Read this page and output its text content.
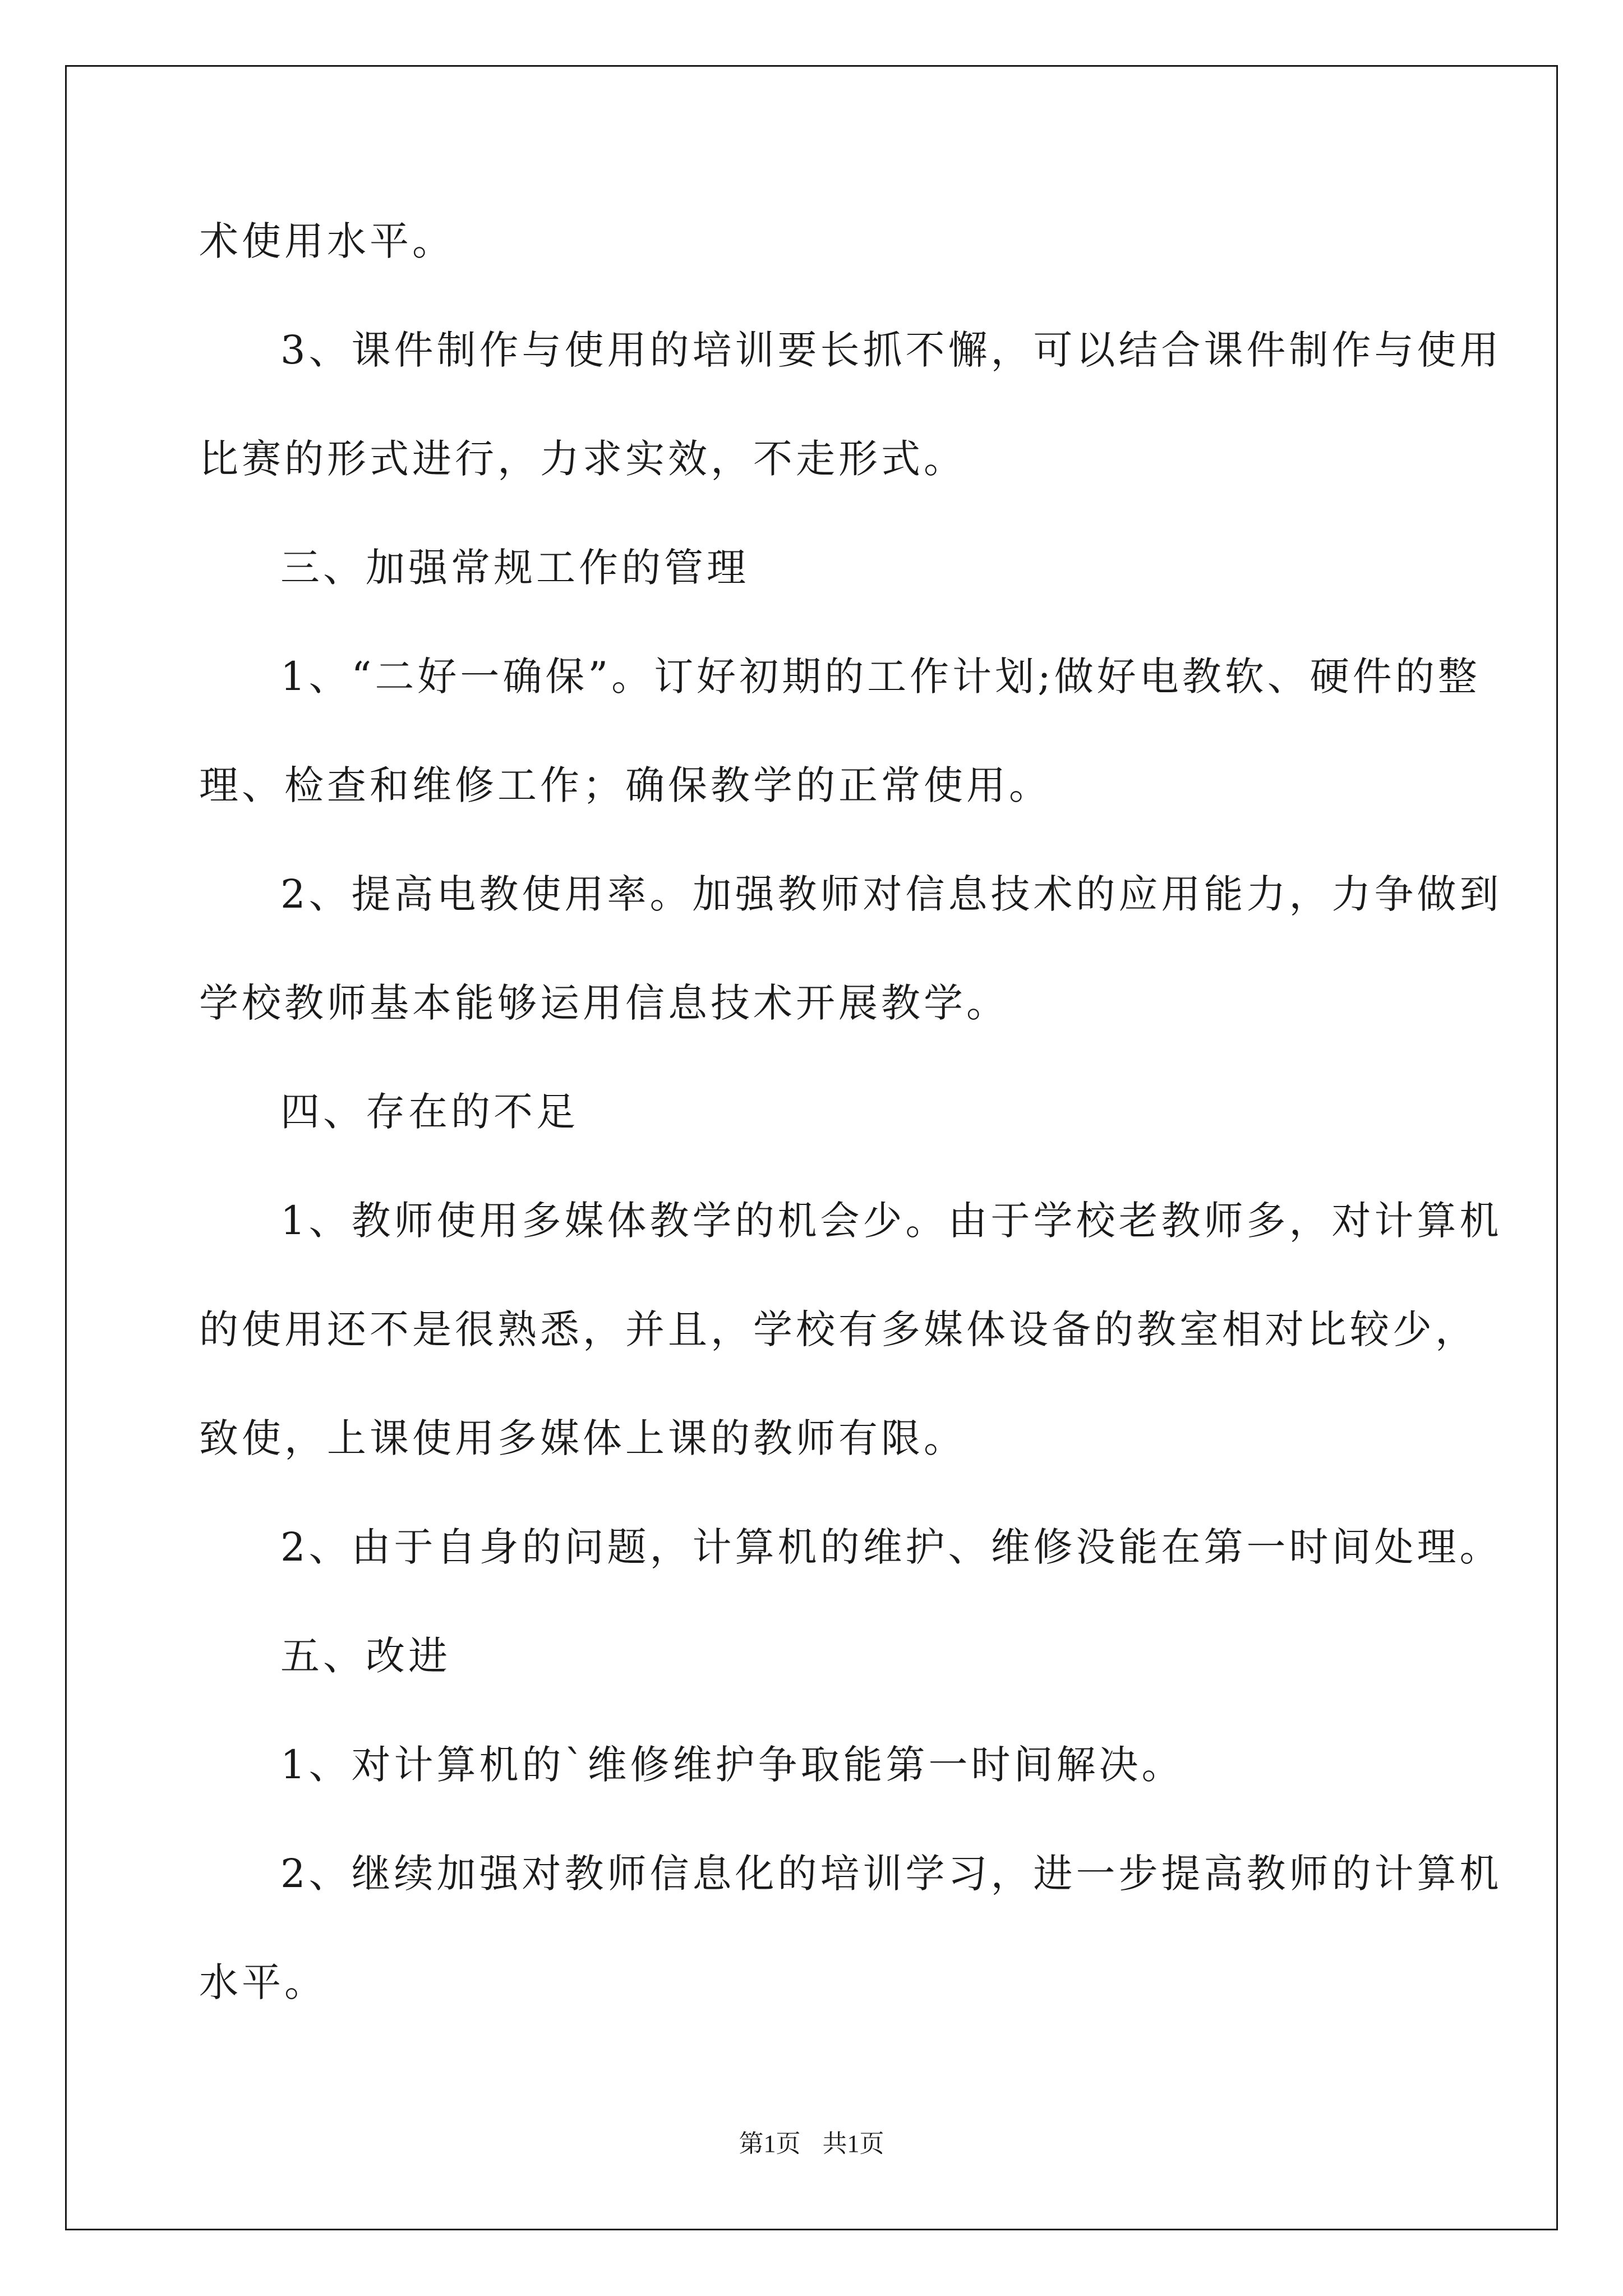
术使用水平。
3、课件制作与使用的培训要长抓不懈，可以结合课件制作与使用
比赛的形式进行，力求实效，不走形式。
三、加强常规工作的管理
1、“二好一确保”。订好初期的工作计划;做好电教软、硬件的整
理、检查和维修工作；确保教学的正常使用。
2、提高电教使用率。加强教师对信息技术的应用能力，力争做到
学校教师基本能够运用信息技术开展教学。
四、存在的不足
1、教师使用多媒体教学的机会少。由于学校老教师多，对计算机
的使用还不是很熟悉，并且，学校有多媒体设备的教室相对比较少，
致使，上课使用多媒体上课的教师有限。
2、由于自身的问题，计算机的维护、维修没能在第一时间处理。
五、改进
1、对计算机的`维修维护争取能第一时间解决。
2、继续加强对教师信息化的培训学习，进一步提高教师的计算机
水平。
第1页 共1页
